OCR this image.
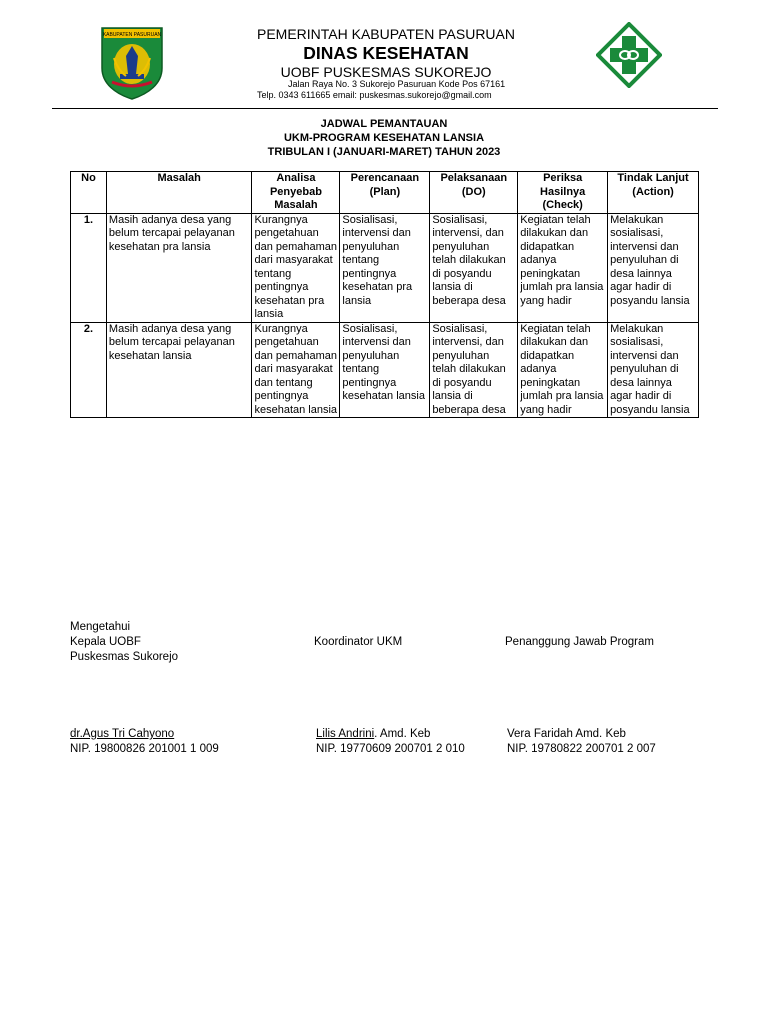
KABUPATEN PASURUAN	PEMERINTAH KABUPATEN PASURUAN
DINAS KESEHATAN
UOBF PUSKESMAS SUKOREJO
Jalan Raya No. 3 Sukorejo Pasuruan Kode Pos 67161
Telp. 0343 611665 email: puskesmas.sukorejo@gmail.com
JADWAL PEMANTAUAN
UKM-PROGRAM KESEHATAN LANSIA
TRIBULAN I (JANUARI-MARET) TAHUN 2023
No	Masalah	Analisa Penyebab Masalah	Perencanaan (Plan)	Pelaksanaan (DO)	Periksa Hasilnya (Check)	Tindak Lanjut (Action)
1.	Masih adanya desa yang belum tercapai pelayanan kesehatan pra lansia	Kurangnya pengetahuan dan pemahaman dari masyarakat tentang pentingnya kesehatan pra lansia	Sosialisasi, intervensi dan penyuluhan tentang pentingnya kesehatan pra lansia	Sosialisasi, intervensi, dan penyuluhan telah dilakukan di posyandu lansia di beberapa desa	Kegiatan telah dilakukan dan didapatkan adanya peningkatan jumlah pra lansia yang hadir	Melakukan sosialisasi, intervensi dan penyuluhan di desa lainnya agar hadir di posyandu lansia
2.	Masih adanya desa yang belum tercapai pelayanan kesehatan lansia	Kurangnya pengetahuan dan pemahaman dari masyarakat dan tentang pentingnya kesehatan lansia	Sosialisasi, intervensi dan penyuluhan tentang pentingnya kesehatan lansia	Sosialisasi, intervensi, dan penyuluhan telah dilakukan di posyandu lansia di beberapa desa	Kegiatan telah dilakukan dan didapatkan adanya peningkatan jumlah pra lansia yang hadir	Melakukan sosialisasi, intervensi dan penyuluhan di desa lainnya agar hadir di posyandu lansia
Mengetahui
Kepala UOBF
Puskesmas Sukorejo
dr.Agus Tri Cahyono
NIP. 19800826 201001 1 009
Koordinator UKM
Lilis Andrini. Amd. Keb
NIP. 19770609 200701 2 010
Penanggung Jawab Program
Vera Faridah Amd. Keb
NIP. 19780822 200701 2 007
